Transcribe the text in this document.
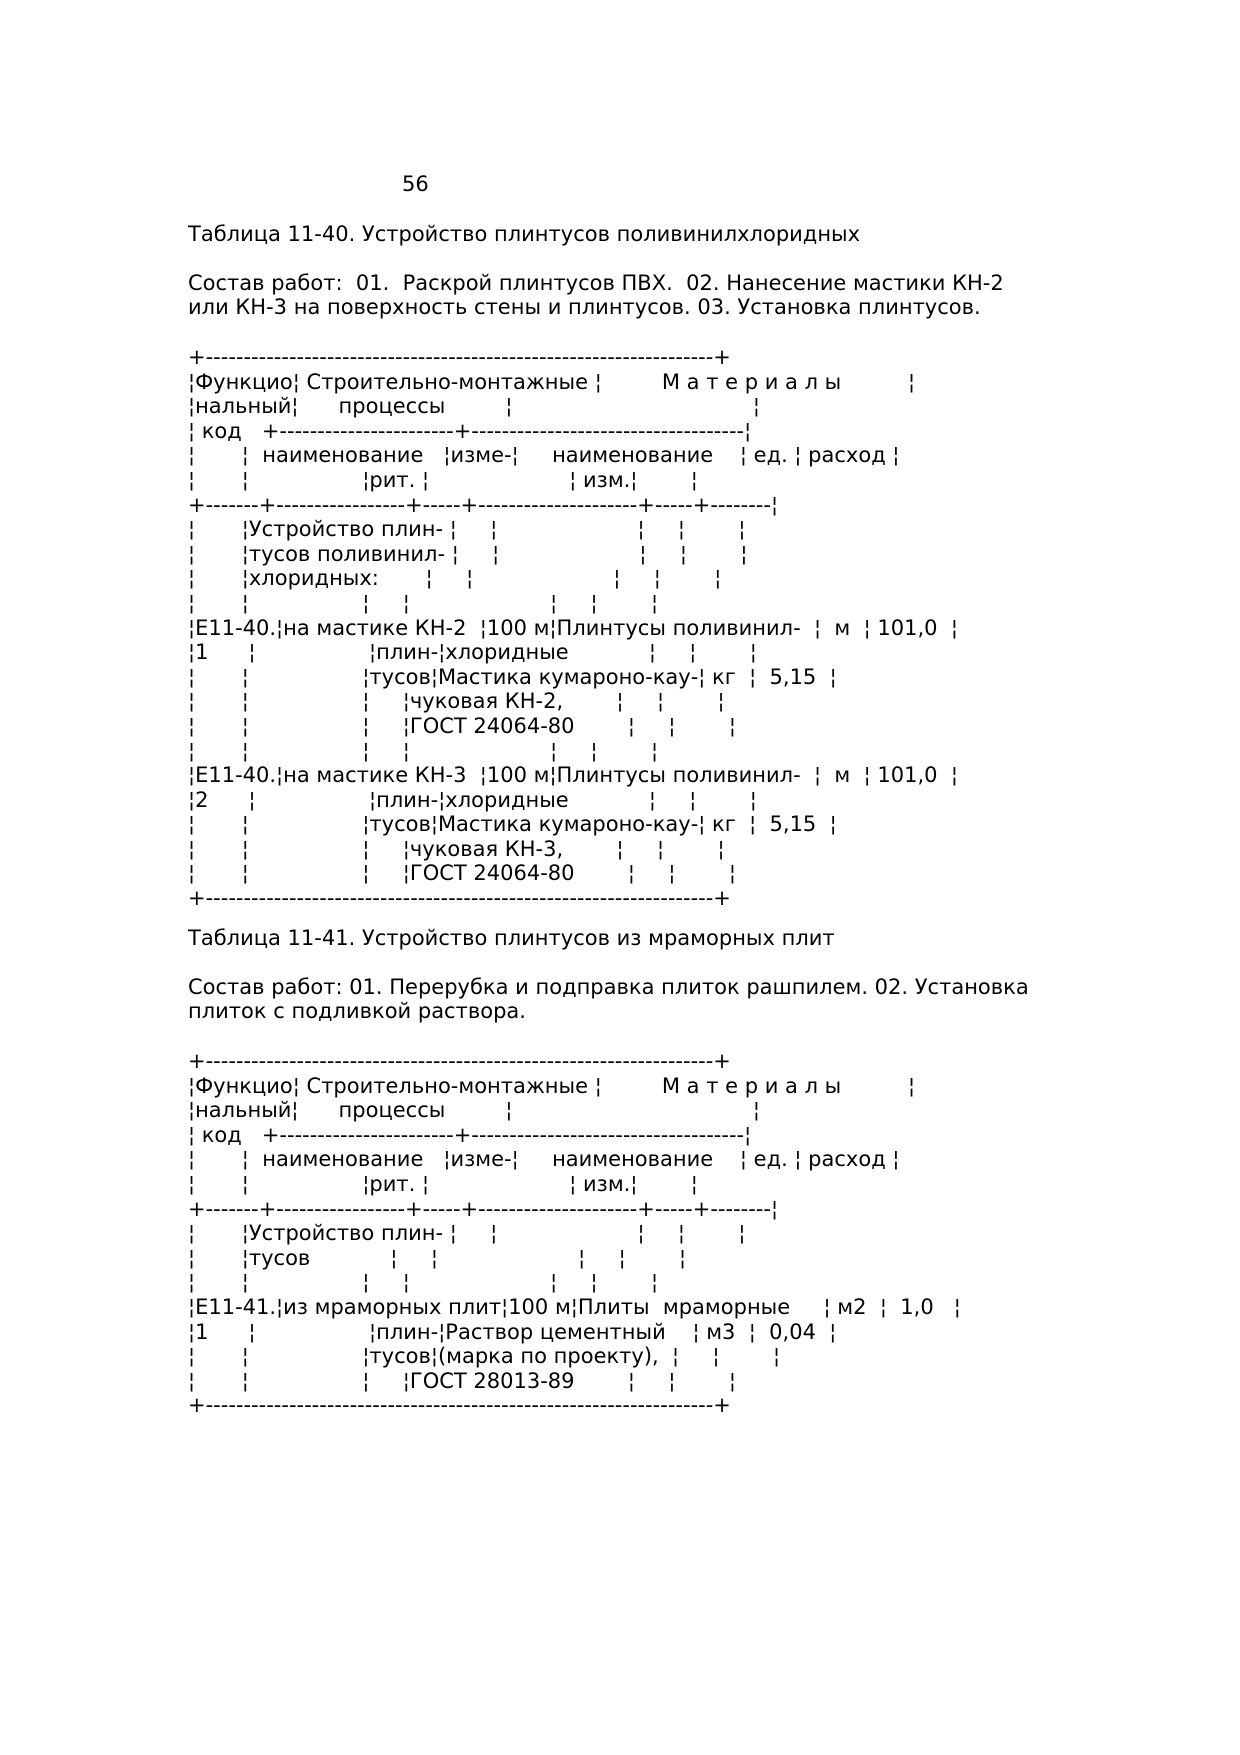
56
Таблица 11-40. Устройство плинтусов поливинилхлоридных
Состав работ:  01.  Раскрой плинтусов ПВХ.  02. Нанесение мастики КН-2
или КН-3 на поверхность стены и плинтусов. 03. Установка плинтусов.
+-------------------------------------------------------------------+
¦Функцио¦ Строительно-монтажные ¦         М а т е р и а л ы          ¦
¦нальный¦      процессы         ¦                                    ¦
¦ код   +-----------------------+------------------------------------¦
¦       ¦  наименование   ¦изме-¦     наименование    ¦ ед. ¦ расход ¦
¦       ¦                 ¦рит. ¦                     ¦ изм.¦        ¦
+-------+-----------------+-----+---------------------+-----+--------¦
¦       ¦Устройство плин- ¦     ¦                     ¦     ¦        ¦
¦       ¦тусов поливинил- ¦     ¦                     ¦     ¦        ¦
¦       ¦хлоридных:       ¦     ¦                     ¦     ¦        ¦
¦       ¦                 ¦     ¦                     ¦     ¦        ¦
¦Е11-40.¦на мастике КН-2  ¦100 м¦Плинтусы поливинил-  ¦  м  ¦ 101,0  ¦
¦1      ¦                 ¦плин-¦хлоридные            ¦     ¦        ¦
¦       ¦                 ¦тусов¦Мастика кумароно-кау-¦ кг  ¦  5,15  ¦
¦       ¦                 ¦     ¦чуковая КН-2,        ¦     ¦        ¦
¦       ¦                 ¦     ¦ГОСТ 24064-80        ¦     ¦        ¦
¦       ¦                 ¦     ¦                     ¦     ¦        ¦
¦Е11-40.¦на мастике КН-3  ¦100 м¦Плинтусы поливинил-  ¦  м  ¦ 101,0  ¦
¦2      ¦                 ¦плин-¦хлоридные            ¦     ¦        ¦
¦       ¦                 ¦тусов¦Мастика кумароно-кау-¦ кг  ¦  5,15  ¦
¦       ¦                 ¦     ¦чуковая КН-3,        ¦     ¦        ¦
¦       ¦                 ¦     ¦ГОСТ 24064-80        ¦     ¦        ¦
+-------------------------------------------------------------------+
Таблица 11-41. Устройство плинтусов из мраморных плит
Состав работ: 01. Перерубка и подправка плиток рашпилем. 02. Установка
плиток с подливкой раствора.
+-------------------------------------------------------------------+
¦Функцио¦ Строительно-монтажные ¦         М а т е р и а л ы          ¦
¦нальный¦      процессы         ¦                                    ¦
¦ код   +-----------------------+------------------------------------¦
¦       ¦  наименование   ¦изме-¦     наименование    ¦ ед. ¦ расход ¦
¦       ¦                 ¦рит. ¦                     ¦ изм.¦        ¦
+-------+-----------------+-----+---------------------+-----+--------¦
¦       ¦Устройство плин- ¦     ¦                     ¦     ¦        ¦
¦       ¦тусов            ¦     ¦                     ¦     ¦        ¦
¦       ¦                 ¦     ¦                     ¦     ¦        ¦
¦Е11-41.¦из мраморных плит¦100 м¦Плиты  мраморные     ¦ м2  ¦  1,0   ¦
¦1      ¦                 ¦плин-¦Раствор цементный    ¦ м3  ¦  0,04  ¦
¦       ¦                 ¦тусов¦(марка по проекту),  ¦     ¦        ¦
¦       ¦                 ¦     ¦ГОСТ 28013-89        ¦     ¦        ¦
+-------------------------------------------------------------------+
